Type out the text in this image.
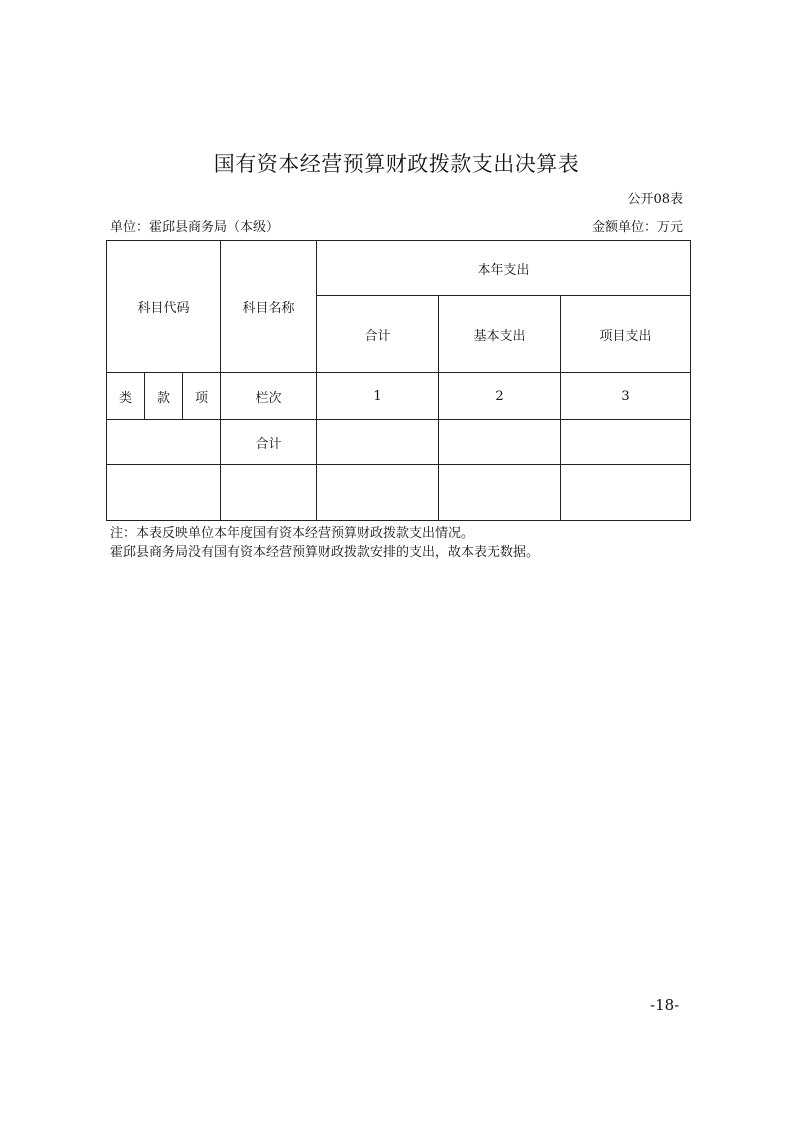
国有资本经营预算财政拨款支出决算表
公开08表
单位：霍邱县商务局（本级）	金额单位：万元
科目代码			科目名称	本年支出		
				合计	基本支出	项目支出
类	款	项	栏次	1	2	3
			合计			

注：本表反映单位本年度国有资本经营预算财政拨款支出情况。
霍邱县商务局没有国有资本经营预算财政拨款安排的支出，故本表无数据。
-18-
